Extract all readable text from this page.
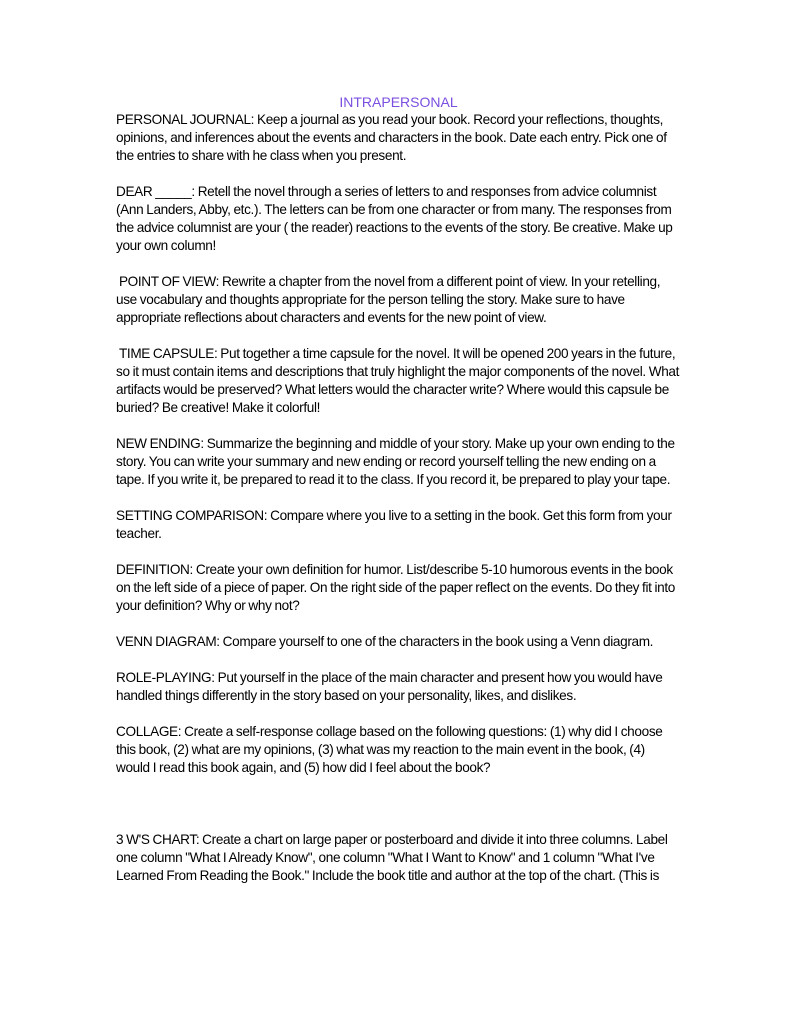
INTRAPERSONAL

PERSONAL JOURNAL: Keep a journal as you read your book. Record your reflections, thoughts, opinions, and inferences about the events and characters in the book. Date each entry. Pick one of the entries to share with he class when you present.

DEAR _____: Retell the novel through a series of letters to and responses from advice columnist (Ann Landers, Abby, etc.). The letters can be from one character or from many. The responses from the advice columnist are your ( the reader) reactions to the events of the story. Be creative. Make up your own column!

POINT OF VIEW: Rewrite a chapter from the novel from a different point of view. In your retelling, use vocabulary and thoughts appropriate for the person telling the story. Make sure to have appropriate reflections about characters and events for the new point of view.

TIME CAPSULE: Put together a time capsule for the novel. It will be opened 200 years in the future, so it must contain items and descriptions that truly highlight the major components of the novel. What artifacts would be preserved? What letters would the character write? Where would this capsule be buried? Be creative! Make it colorful!

NEW ENDING: Summarize the beginning and middle of your story. Make up your own ending to the story. You can write your summary and new ending or record yourself telling the new ending on a tape. If you write it, be prepared to read it to the class. If you record it, be prepared to play your tape.

SETTING COMPARISON: Compare where you live to a setting in the book. Get this form from your teacher.

DEFINITION: Create your own definition for humor. List/describe 5-10 humorous events in the book on the left side of a piece of paper. On the right side of the paper reflect on the events. Do they fit into your definition? Why or why not?

VENN DIAGRAM: Compare yourself to one of the characters in the book using a Venn diagram.

ROLE-PLAYING: Put yourself in the place of the main character and present how you would have handled things differently in the story based on your personality, likes, and dislikes.

COLLAGE: Create a self-response collage based on the following questions: (1) why did I choose this book, (2) what are my opinions, (3) what was my reaction to the main event in the book, (4) would I read this book again, and (5) how did I feel about the book?

3 W'S CHART: Create a chart on large paper or posterboard and divide it into three columns. Label one column "What I Already Know", one column "What I Want to Know" and 1 column "What I've Learned From Reading the Book." Include the book title and author at the top of the chart. (This is
